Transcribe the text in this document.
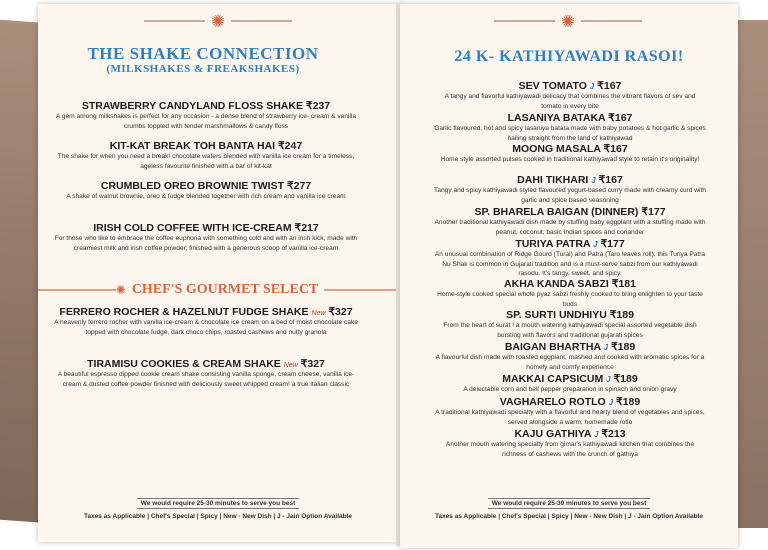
✺
THE SHAKE CONNECTION
(MILKSHAKES & FREAKSHAKES)
STRAWBERRY CANDYLAND FLOSS SHAKE ₹237
A gem among milkshakes is perfect for any occasion - a dense blend of strawberry ice- cream & vanilla crumbs toppled with tender marshmallows & candy floss
KIT-KAT BREAK TOH BANTA HAI ₹247
The shake for when you need a break! chocolate wafers blended with vanilla ice cream for a timeless, ageless favourite finished with a bar of kit-kat
CRUMBLED OREO BROWNIE TWIST ₹277
A shake of walnut brownie, oreo & fudge blended together with rich cream and vanilla ice cream
IRISH COLD COFFEE WITH ICE-CREAM ₹217
For those who like to embrace the coffee euphoria with something cold and with an irish kick, made with creamiest milk and irish coffee powder, finished with a generous scoop of vanilla ice-cream
✺ CHEF'S GOURMET SELECT
FERRERO ROCHER & HAZELNUT FUDGE SHAKE New ₹327
A heavenly ferrero rocher with vanilla ice-cream & chocolate ice cream on a bed of moist chocolate cake topped with chocolate fudge, dark choco chips, roasted cashews and nutty granola
TIRAMISU COOKIES & CREAM SHAKE New ₹327
A beautiful espresso dipped cookie cream shake consisting vanilla sponge, cream cheese, vanilla ice-cream & dusted coffee powder finished with deliciously sweet whipped cream! a true italian classic
We would require 25-30 minutes to serve you best
Taxes as Applicable | Chef's Special | Spicy | New - New Dish | J - Jain Option Available
✺
24 K- KATHIYAWADI RASOI!
SEV TOMATO J ₹167
A tangy and flavorful kathiyawadi delicacy that combines the vibrant flavors of sev and tomato in every bite
LASANIYA BATAKA ₹167
Garlic flavoured, hot and spicy lasaniya batata made with baby potatoes & hot garlic & spices hailing straight from the land of kathiyawad
MOONG MASALA ₹167
Home style assorted pulses cooked in traditional kathiyawad style to retain it's originality!
DAHI TIKHARI J ₹167
Tangy and spicy kathiyawadi styled flavoured yogurt-based curry made with creamy curd with garlic and spice based seasoning
SP. BHARELA BAIGAN (DINNER) ₹177
Another traditional kathiyawadi dish made by stuffing baby eggplant with a stuffing made with peanut, coconut, basic Indian spices and coriander
TURIYA PATRA J ₹177
An unusual combination of Ridge Gourd (Turai) and Patra (Taro leaves roll), this Turiya Patra Nu Shak is common in Gujarati tradition and is a must-serve sabzi from our kathiyawadi rasodu. It's tangy, sweet, and spicy.
AKHA KANDA SABZI ₹181
Home-style cooked special whole pyaz sabzi freshly cooked to bring enlighten to your taste buds
SP. SURTI UNDHIYU ₹189
From the heart of surat ! a mouth watering kathiyawadi special assorted vegetable dish bursting with flavors and traditional gujarati spices
BAIGAN BHARTHA J ₹189
A flavourful dish made with roasted eggplant, mashed and cooked with aromatic spices for a homely and comfy experience
MAKKAI CAPSICUM J ₹189
A delectable corn and bell pepper preparation in spinach and onion gravy
VAGHARELO ROTLO J ₹189
A traditional kathiyawadi specialty with a flavorful and hearty blend of vegetables and spices, served alongside a warm, homemade rotlo
KAJU GATHIYA J ₹213
Another mouth watering specialty from gimar's kathiyawadi kitchen that combines the richness of cashews with the crunch of gathiya
We would require 25-30 minutes to serve you best
Taxes as Applicable | Chef's Special | Spicy | New - New Dish | J - Jain Option Available
